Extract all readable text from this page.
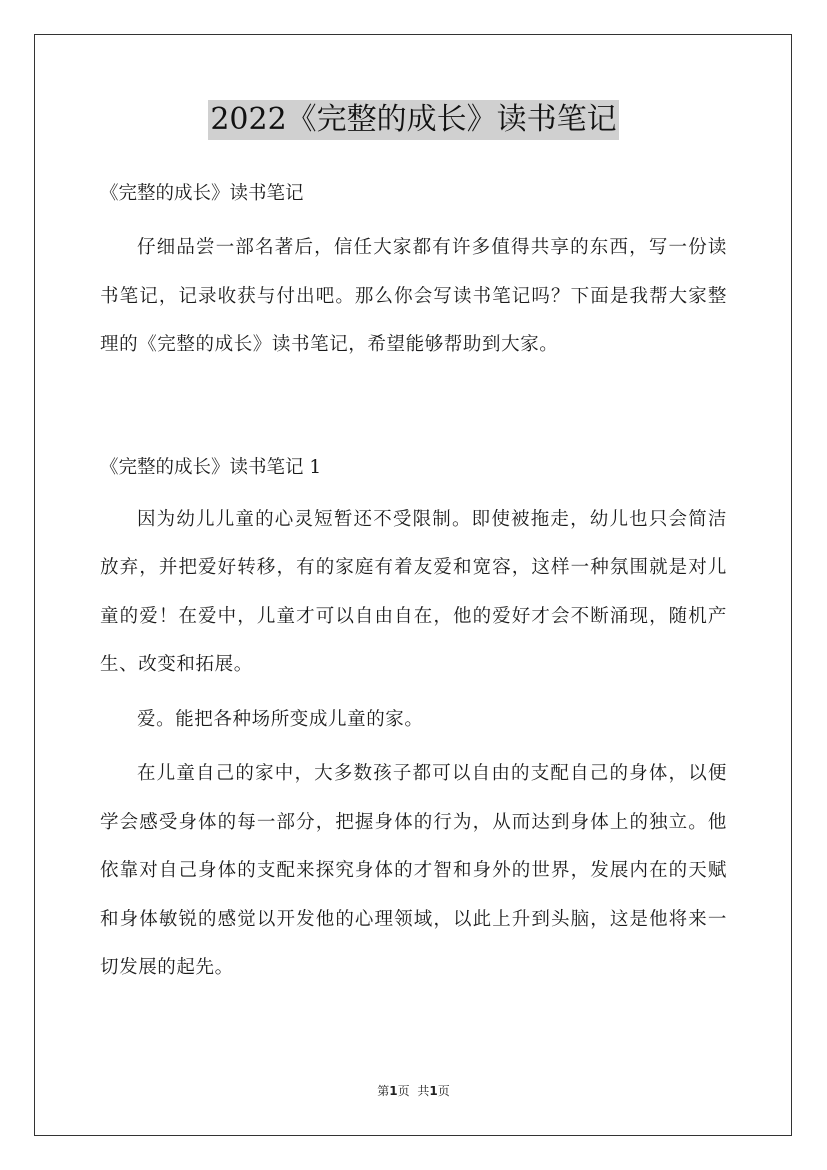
2022《完整的成长》读书笔记

《完整的成长》读书笔记

仔细品尝一部名著后，信任大家都有许多值得共享的东西，写一份读书笔记，记录收获与付出吧。那么你会写读书笔记吗？下面是我帮大家整理的《完整的成长》读书笔记，希望能够帮助到大家。

《完整的成长》读书笔记 1

因为幼儿儿童的心灵短暂还不受限制。即使被拖走，幼儿也只会简洁放弃，并把爱好转移，有的家庭有着友爱和宽容，这样一种氛围就是对儿童的爱！在爱中，儿童才可以自由自在，他的爱好才会不断涌现，随机产生、改变和拓展。

爱。能把各种场所变成儿童的家。

在儿童自己的家中，大多数孩子都可以自由的支配自己的身体，以便学会感受身体的每一部分，把握身体的行为，从而达到身体上的独立。他依靠对自己身体的支配来探究身体的才智和身外的世界，发展内在的天赋和身体敏锐的感觉以开发他的心理领域，以此上升到头脑，这是他将来一切发展的起先。

第1页 共1页
